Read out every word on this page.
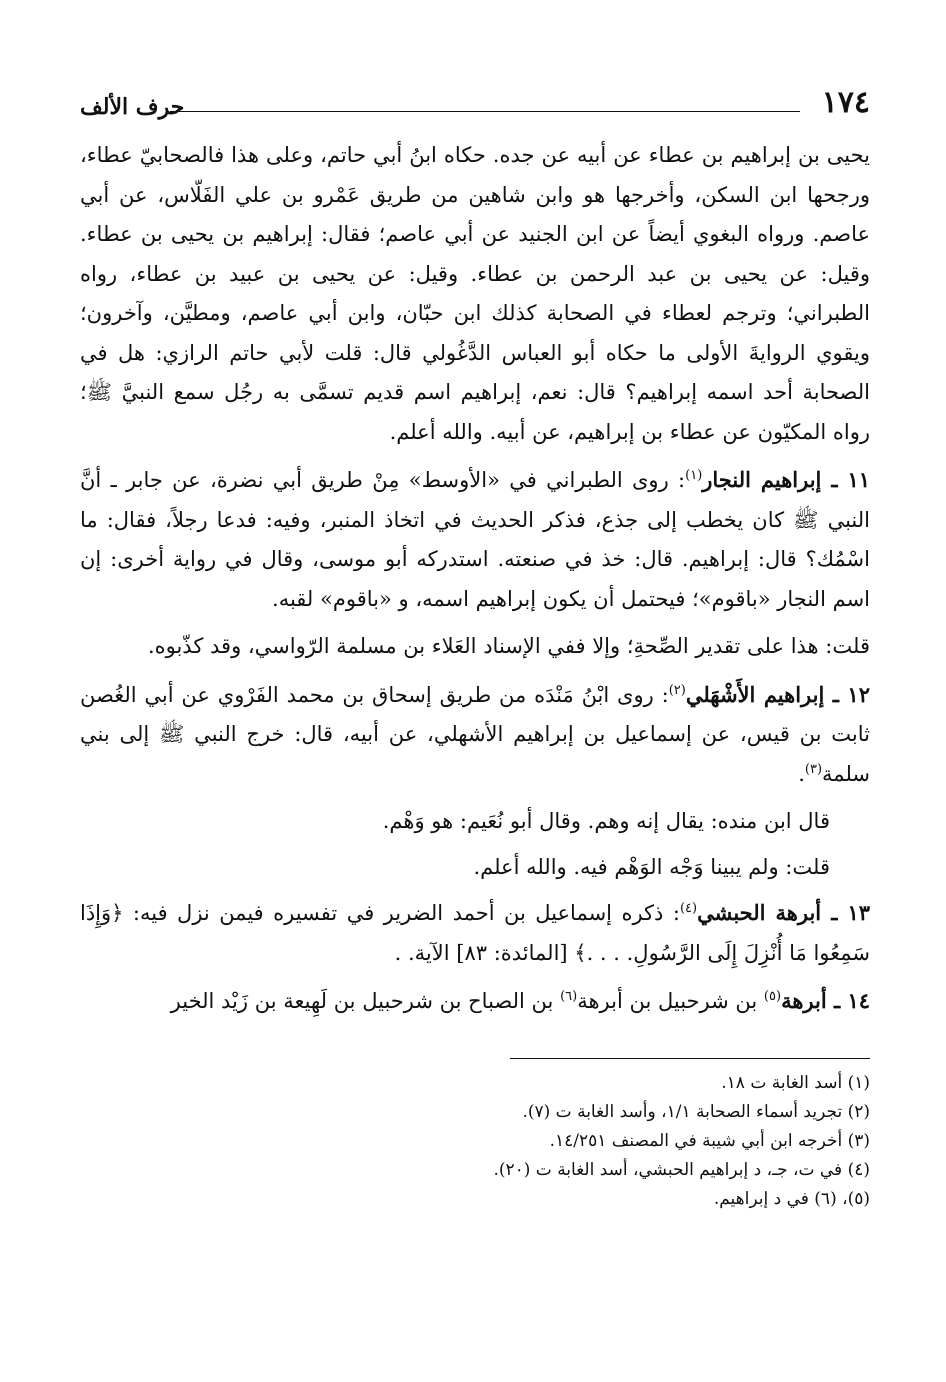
١٧٤
حرف الألف

يحيى بن إبراهيم بن عطاء عن أبيه عن جده. حكاه ابنُ أبي حاتم، وعلى هذا فالصحابيّ عطاء، ورجحها ابن السكن، وأخرجها هو وابن شاهين من طريق عَمْرو بن علي الفَلّاس، عن أبي عاصم. ورواه البغوي أيضاً عن ابن الجنيد عن أبي عاصم؛ فقال: إبراهيم بن يحيى بن عطاء. وقيل: عن يحيى بن عبد الرحمن بن عطاء. وقيل: عن يحيى بن عبيد بن عطاء، رواه الطبراني؛ وترجم لعطاء في الصحابة كذلك ابن حبّان، وابن أبي عاصم، ومطيَّن، وآخرون؛ ويقوي الروايةَ الأولى ما حكاه أبو العباس الدَّغُولي قال: قلت لأبي حاتم الرازي: هل في الصحابة أحد اسمه إبراهيم؟ قال: نعم، إبراهيم اسم قديم تسمَّى به رجُل سمع النبيَّ ﷺ؛ رواه المكيّون عن عطاء بن إبراهيم، عن أبيه. والله أعلم.

١١ ـ إبراهيم النجار$^{(١)}$: روى الطبراني في «الأوسط» مِنْ طريق أبي نضرة، عن جابر ـ أنَّ النبي ﷺ كان يخطب إلى جذع، فذكر الحديث في اتخاذ المنبر، وفيه: فدعا رجلاً، فقال: ما اسْمُك؟ قال: إبراهيم. قال: خذ في صنعته. استدركه أبو موسى، وقال في رواية أخرى: إن اسم النجار «باقوم»؛ فيحتمل أن يكون إبراهيم اسمه، و «باقوم» لقبه.

قلت: هذا على تقدير الصِّحةِ؛ وإلا ففي الإسناد العَلاء بن مسلمة الرّواسي، وقد كذّبوه.

١٢ ـ إبراهيم الأَشْهَلي$^{(٢)}$: روى ابْنُ مَنْدَه من طريق إسحاق بن محمد الفَرْوي عن أبي الغُصن ثابت بن قيس، عن إسماعيل بن إبراهيم الأشهلي، عن أبيه، قال: خرج النبي ﷺ إلى بني سلمة$^{(٣)}$.

قال ابن منده: يقال إنه وهم. وقال أبو نُعَيم: هو وَهْم.

قلت: ولم يبينا وَجْه الوَهْم فيه. والله أعلم.

١٣ ـ أبرهة الحبشي$^{(٤)}$: ذكره إسماعيل بن أحمد الضرير في تفسيره فيمن نزل فيه: ﴿وَإِذَا سَمِعُوا مَا أُنْزِلَ إِلَى الرَّسُولِ. . . .﴾ [المائدة: ٨٣] الآية. .

١٤ ـ أبرهة$^{(٥)}$ بن شرحبيل بن أبرهة$^{(٦)}$ بن الصباح بن شرحبيل بن لَهِيعة بن زَيْد الخير

(١) أسد الغابة ت ١٨.
(٢) تجريد أسماء الصحابة ١/١، وأسد الغابة ت (٧).
(٣) أخرجه ابن أبي شيبة في المصنف ١٤/٢٥١.
(٤) في ت، جـ، د إبراهيم الحبشي، أسد الغابة ت (٢٠).
(٥)، (٦) في د إبراهيم.
